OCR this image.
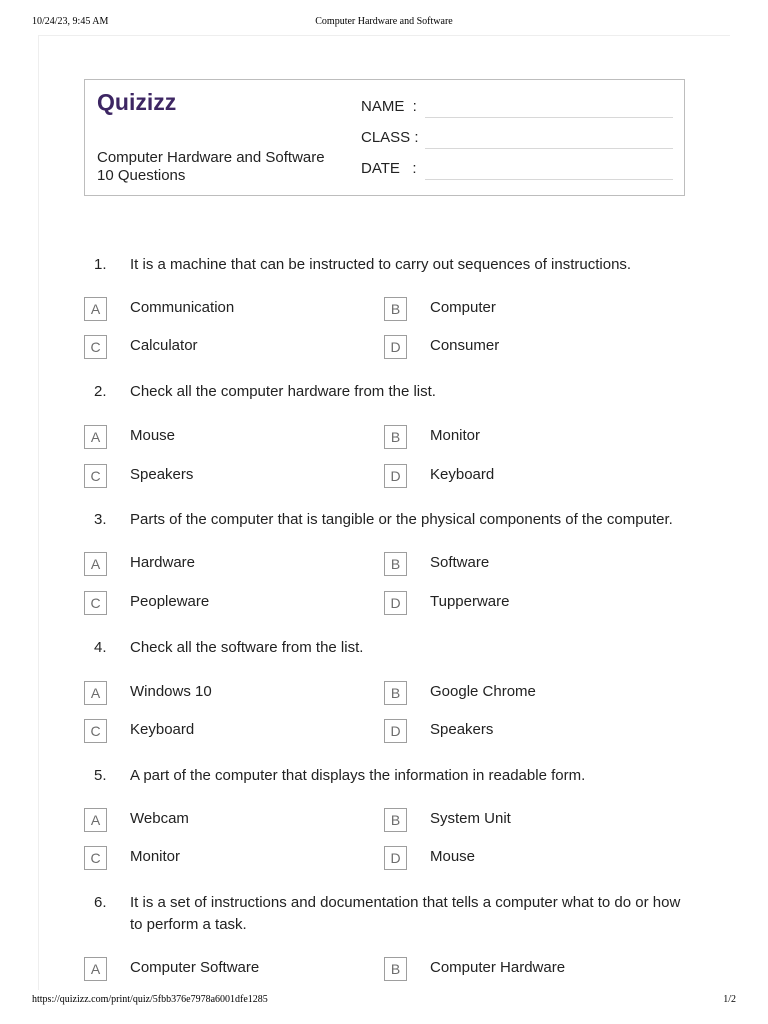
10/24/23, 9:45 AM	Computer Hardware and Software
Quizizz
Computer Hardware and Software
10 Questions
NAME  :
CLASS :
DATE   :
1. It is a machine that can be instructed to carry out sequences of instructions.
A	Communication	B	Computer
C	Calculator	D	Consumer
2. Check all the computer hardware from the list.
A	Mouse	B	Monitor
C	Speakers	D	Keyboard
3. Parts of the computer that is tangible or the physical components of the computer.
A	Hardware	B	Software
C	Peopleware	D	Tupperware
4. Check all the software from the list.
A	Windows 10	B	Google Chrome
C	Keyboard	D	Speakers
5. A part of the computer that displays the information in readable form.
A	Webcam	B	System Unit
C	Monitor	D	Mouse
6. It is a set of instructions and documentation that tells a computer what to do or how to perform a task.
A	Computer Software	B	Computer Hardware
https://quizizz.com/print/quiz/5fbb376e7978a6001dfe1285	1/2
